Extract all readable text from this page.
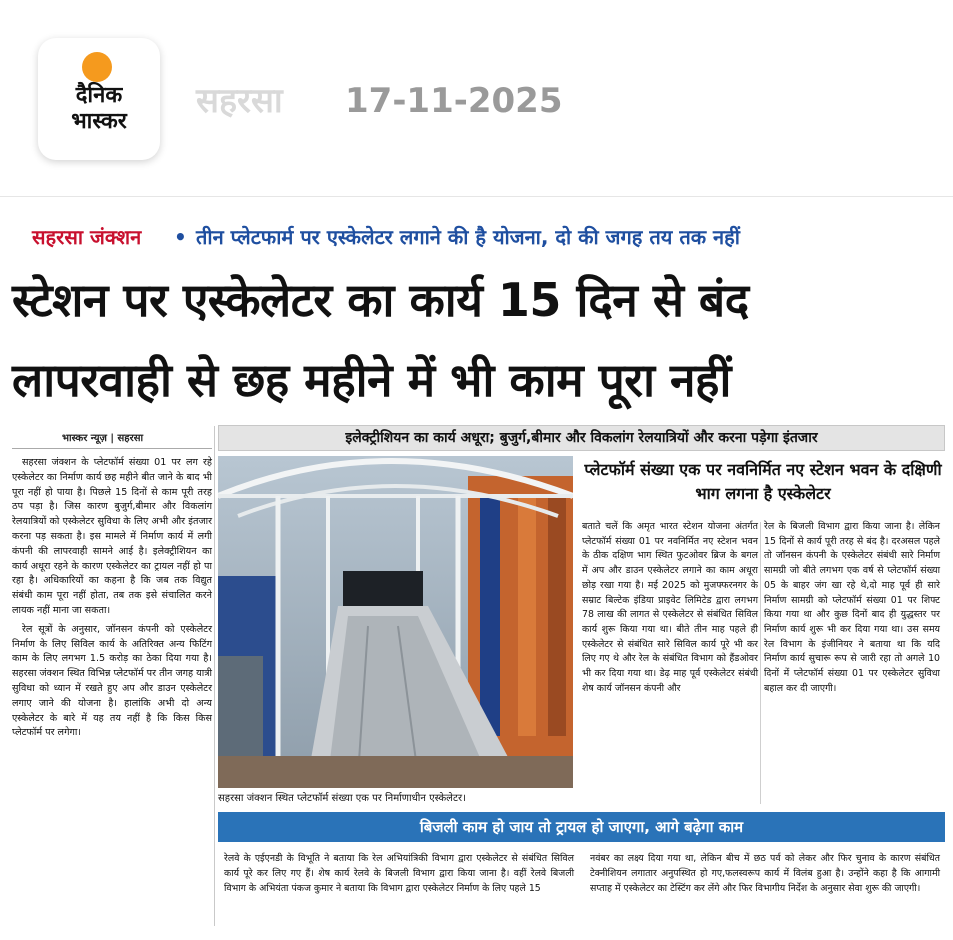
दैनिक
भास्कर
सहरसा 17-11-2025
सहरसा जंक्शन • तीन प्लेटफार्म पर एस्केलेटर लगाने की है योजना, दो की जगह तय तक नहीं
स्टेशन पर एस्केलेटर का कार्य 15 दिन से बंद
लापरवाही से छह महीने में भी काम पूरा नहीं
भास्कर न्यूज़ | सहरसा

सहरसा जंक्शन के प्लेटफॉर्म संख्या 01 पर लग रहे एस्केलेटर का निर्माण कार्य छह महीने बीत जाने के बाद भी पूरा नहीं हो पाया है। पिछले 15 दिनों से काम पूरी तरह ठप पड़ा है। जिस कारण बुजुर्ग,बीमार और विकलांग रेलयात्रियों को एस्केलेटर सुविधा के लिए अभी और इंतजार करना पड़ सकता है। इस मामले में निर्माण कार्य में लगी कंपनी की लापरवाही सामने आई है। इलेक्ट्रीशियन का कार्य अधूरा रहने के कारण एस्केलेटर का ट्रायल नहीं हो पा रहा है। अधिकारियों का कहना है कि जब तक विद्युत संबंधी काम पूरा नहीं होता, तब तक इसे संचालित करने लायक नहीं माना जा सकता।

रेल सूत्रों के अनुसार, जॉनसन कंपनी को एस्केलेटर निर्माण के लिए सिविल कार्य के अतिरिक्त अन्य फिटिंग काम के लिए लगभग 1.5 करोड़ का ठेका दिया गया है। सहरसा जंक्शन स्थित विभिन्न प्लेटफॉर्म पर तीन जगह यात्री सुविधा को ध्यान में रखते हुए अप और डाउन एस्केलेटर लगाए जाने की योजना है। हालांकि अभी दो अन्य एस्केलेटर के बारे में यह तय नहीं है कि किस किस प्लेटफॉर्म पर लगेगा।

इलेक्ट्रीशियन का कार्य अधूरा; बुजुर्ग,बीमार और विकलांग रेलयात्रियों और करना पड़ेगा इंतजार
सहरसा जंक्शन स्थित प्लेटफॉर्म संख्या एक पर निर्माणाधीन एस्केलेटर।
प्लेटफॉर्म संख्या एक पर नवनिर्मित नए स्टेशन भवन के दक्षिणी भाग लगना है एस्केलेटर
बताते चलें कि अमृत भारत स्टेशन योजना अंतर्गत प्लेटफॉर्म संख्या 01 पर नवनिर्मित नए स्टेशन भवन के ठीक दक्षिण भाग स्थित फुटओवर ब्रिज के बगल में अप और डाउन एस्केलेटर लगाने का काम अधूरा छोड़ रखा गया है। मई 2025 को मुजफ्फरनगर के सम्राट बिल्टेक इंडिया प्राइवेट लिमिटेड द्वारा लगभग 78 लाख की लागत से एस्केलेटर से संबंधित सिविल कार्य शुरू किया गया था। बीते तीन माह पहले ही एस्केलेटर से संबंधित सारे सिविल कार्य पूरे भी कर लिए गए थे और रेल के संबंधित विभाग को हैंडओवर भी कर दिया गया था। डेढ़ माह पूर्व एस्केलेटर संबंधी शेष कार्य जॉनसन कंपनी और
रेल के बिजली विभाग द्वारा किया जाना है। लेकिन 15 दिनों से कार्य पूरी तरह से बंद है। दरअसल पहले तो जॉनसन कंपनी के एस्केलेटर संबंधी सारे निर्माण सामग्री जो बीते लगभग एक वर्ष से प्लेटफॉर्म संख्या 05 के बाहर जंग खा रहे थे,दो माह पूर्व ही सारे निर्माण सामग्री को प्लेटफॉर्म संख्या 01 पर शिफ्ट किया गया था और कुछ दिनों बाद ही युद्धस्तर पर निर्माण कार्य शुरू भी कर दिया गया था। उस समय रेल विभाग के इंजीनियर ने बताया था कि यदि निर्माण कार्य सुचारू रूप से जारी रहा तो अगले 10 दिनों में प्लेटफॉर्म संख्या 01 पर एस्केलेटर सुविधा बहाल कर दी जाएगी।
बिजली काम हो जाय तो ट्रायल हो जाएगा, आगे बढ़ेगा काम
रेलवे के एईएनडी के विभूति ने बताया कि रेल अभियांत्रिकी विभाग द्वारा एस्केलेटर से संबंधित सिविल कार्य पूरे कर लिए गए हैं। शेष कार्य रेलवे के बिजली विभाग द्वारा किया जाना है। वहीं रेलवे बिजली विभाग के अभियंता पंकज कुमार ने बताया कि विभाग द्वारा एस्केलेटर निर्माण के लिए पहले 15
नवंबर का लक्ष्य दिया गया था, लेकिन बीच में छठ पर्व को लेकर और फिर चुनाव के कारण संबंधित टेक्नीशियन लगातार अनुपस्थित हो गए,फलस्वरूप कार्य में विलंब हुआ है। उन्होंने कहा है कि आगामी सप्ताह में एस्केलेटर का टेस्टिंग कर लेंगे और फिर विभागीय निर्देश के अनुसार सेवा शुरू की जाएगी।
